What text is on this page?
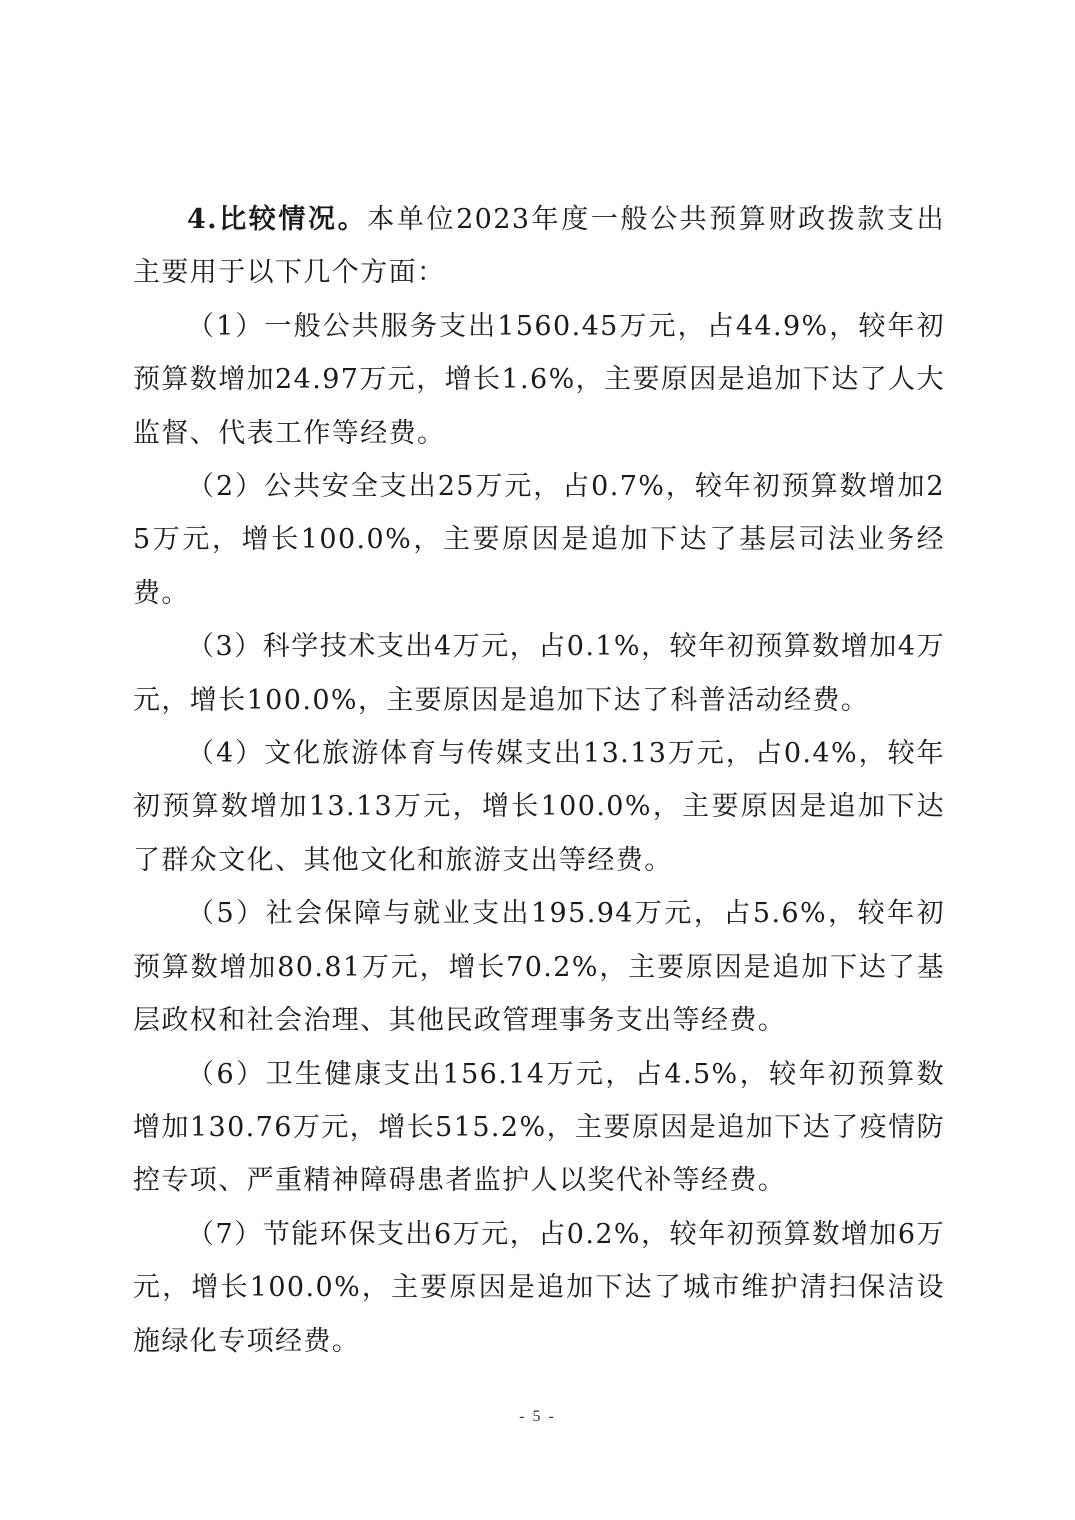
4.比较情况。本单位2023年度一般公共预算财政拨款支出主要用于以下几个方面：

（1）一般公共服务支出1560.45万元，占44.9%，较年初预算数增加24.97万元，增长1.6%，主要原因是追加下达了人大监督、代表工作等经费。

（2）公共安全支出25万元，占0.7%，较年初预算数增加25万元，增长100.0%，主要原因是追加下达了基层司法业务经费。

（3）科学技术支出4万元，占0.1%，较年初预算数增加4万元，增长100.0%，主要原因是追加下达了科普活动经费。

（4）文化旅游体育与传媒支出13.13万元，占0.4%，较年初预算数增加13.13万元，增长100.0%，主要原因是追加下达了群众文化、其他文化和旅游支出等经费。

（5）社会保障与就业支出195.94万元，占5.6%，较年初预算数增加80.81万元，增长70.2%，主要原因是追加下达了基层政权和社会治理、其他民政管理事务支出等经费。

（6）卫生健康支出156.14万元，占4.5%，较年初预算数增加130.76万元，增长515.2%，主要原因是追加下达了疫情防控专项、严重精神障碍患者监护人以奖代补等经费。

（7）节能环保支出6万元，占0.2%，较年初预算数增加6万元，增长100.0%，主要原因是追加下达了城市维护清扫保洁设施绿化专项经费。

- 5 -
